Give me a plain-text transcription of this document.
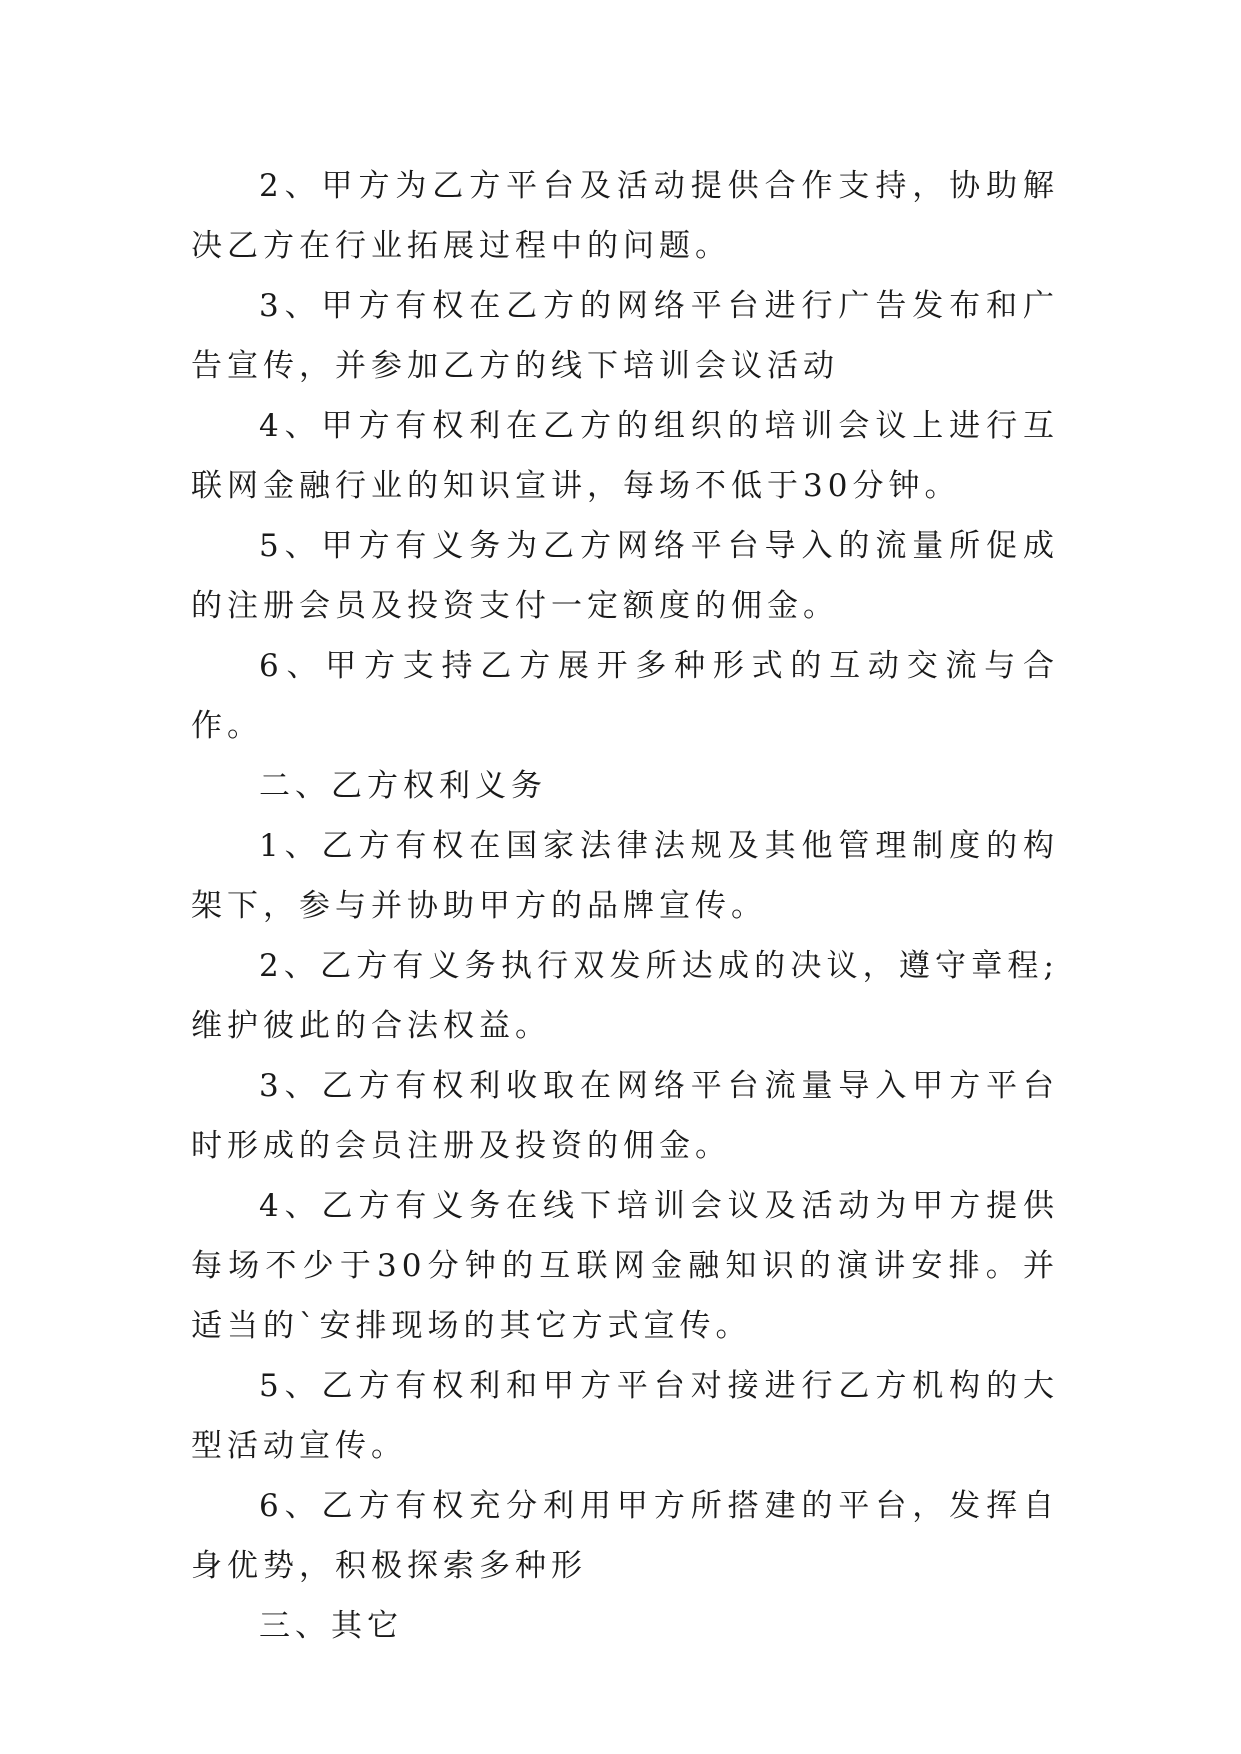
2、甲方为乙方平台及活动提供合作支持，协助解决乙方在行业拓展过程中的问题。

3、甲方有权在乙方的网络平台进行广告发布和广告宣传，并参加乙方的线下培训会议活动

4、甲方有权利在乙方的组织的培训会议上进行互联网金融行业的知识宣讲，每场不低于30分钟。

5、甲方有义务为乙方网络平台导入的流量所促成的注册会员及投资支付一定额度的佣金。

6、甲方支持乙方展开多种形式的互动交流与合作。

二、乙方权利义务

1、乙方有权在国家法律法规及其他管理制度的构架下，参与并协助甲方的品牌宣传。

2、乙方有义务执行双发所达成的决议，遵守章程;维护彼此的合法权益。

3、乙方有权利收取在网络平台流量导入甲方平台时形成的会员注册及投资的佣金。

4、乙方有义务在线下培训会议及活动为甲方提供每场不少于30分钟的互联网金融知识的演讲安排。并适当的`安排现场的其它方式宣传。

5、乙方有权利和甲方平台对接进行乙方机构的大型活动宣传。

6、乙方有权充分利用甲方所搭建的平台，发挥自身优势，积极探索多种形

三、其它
